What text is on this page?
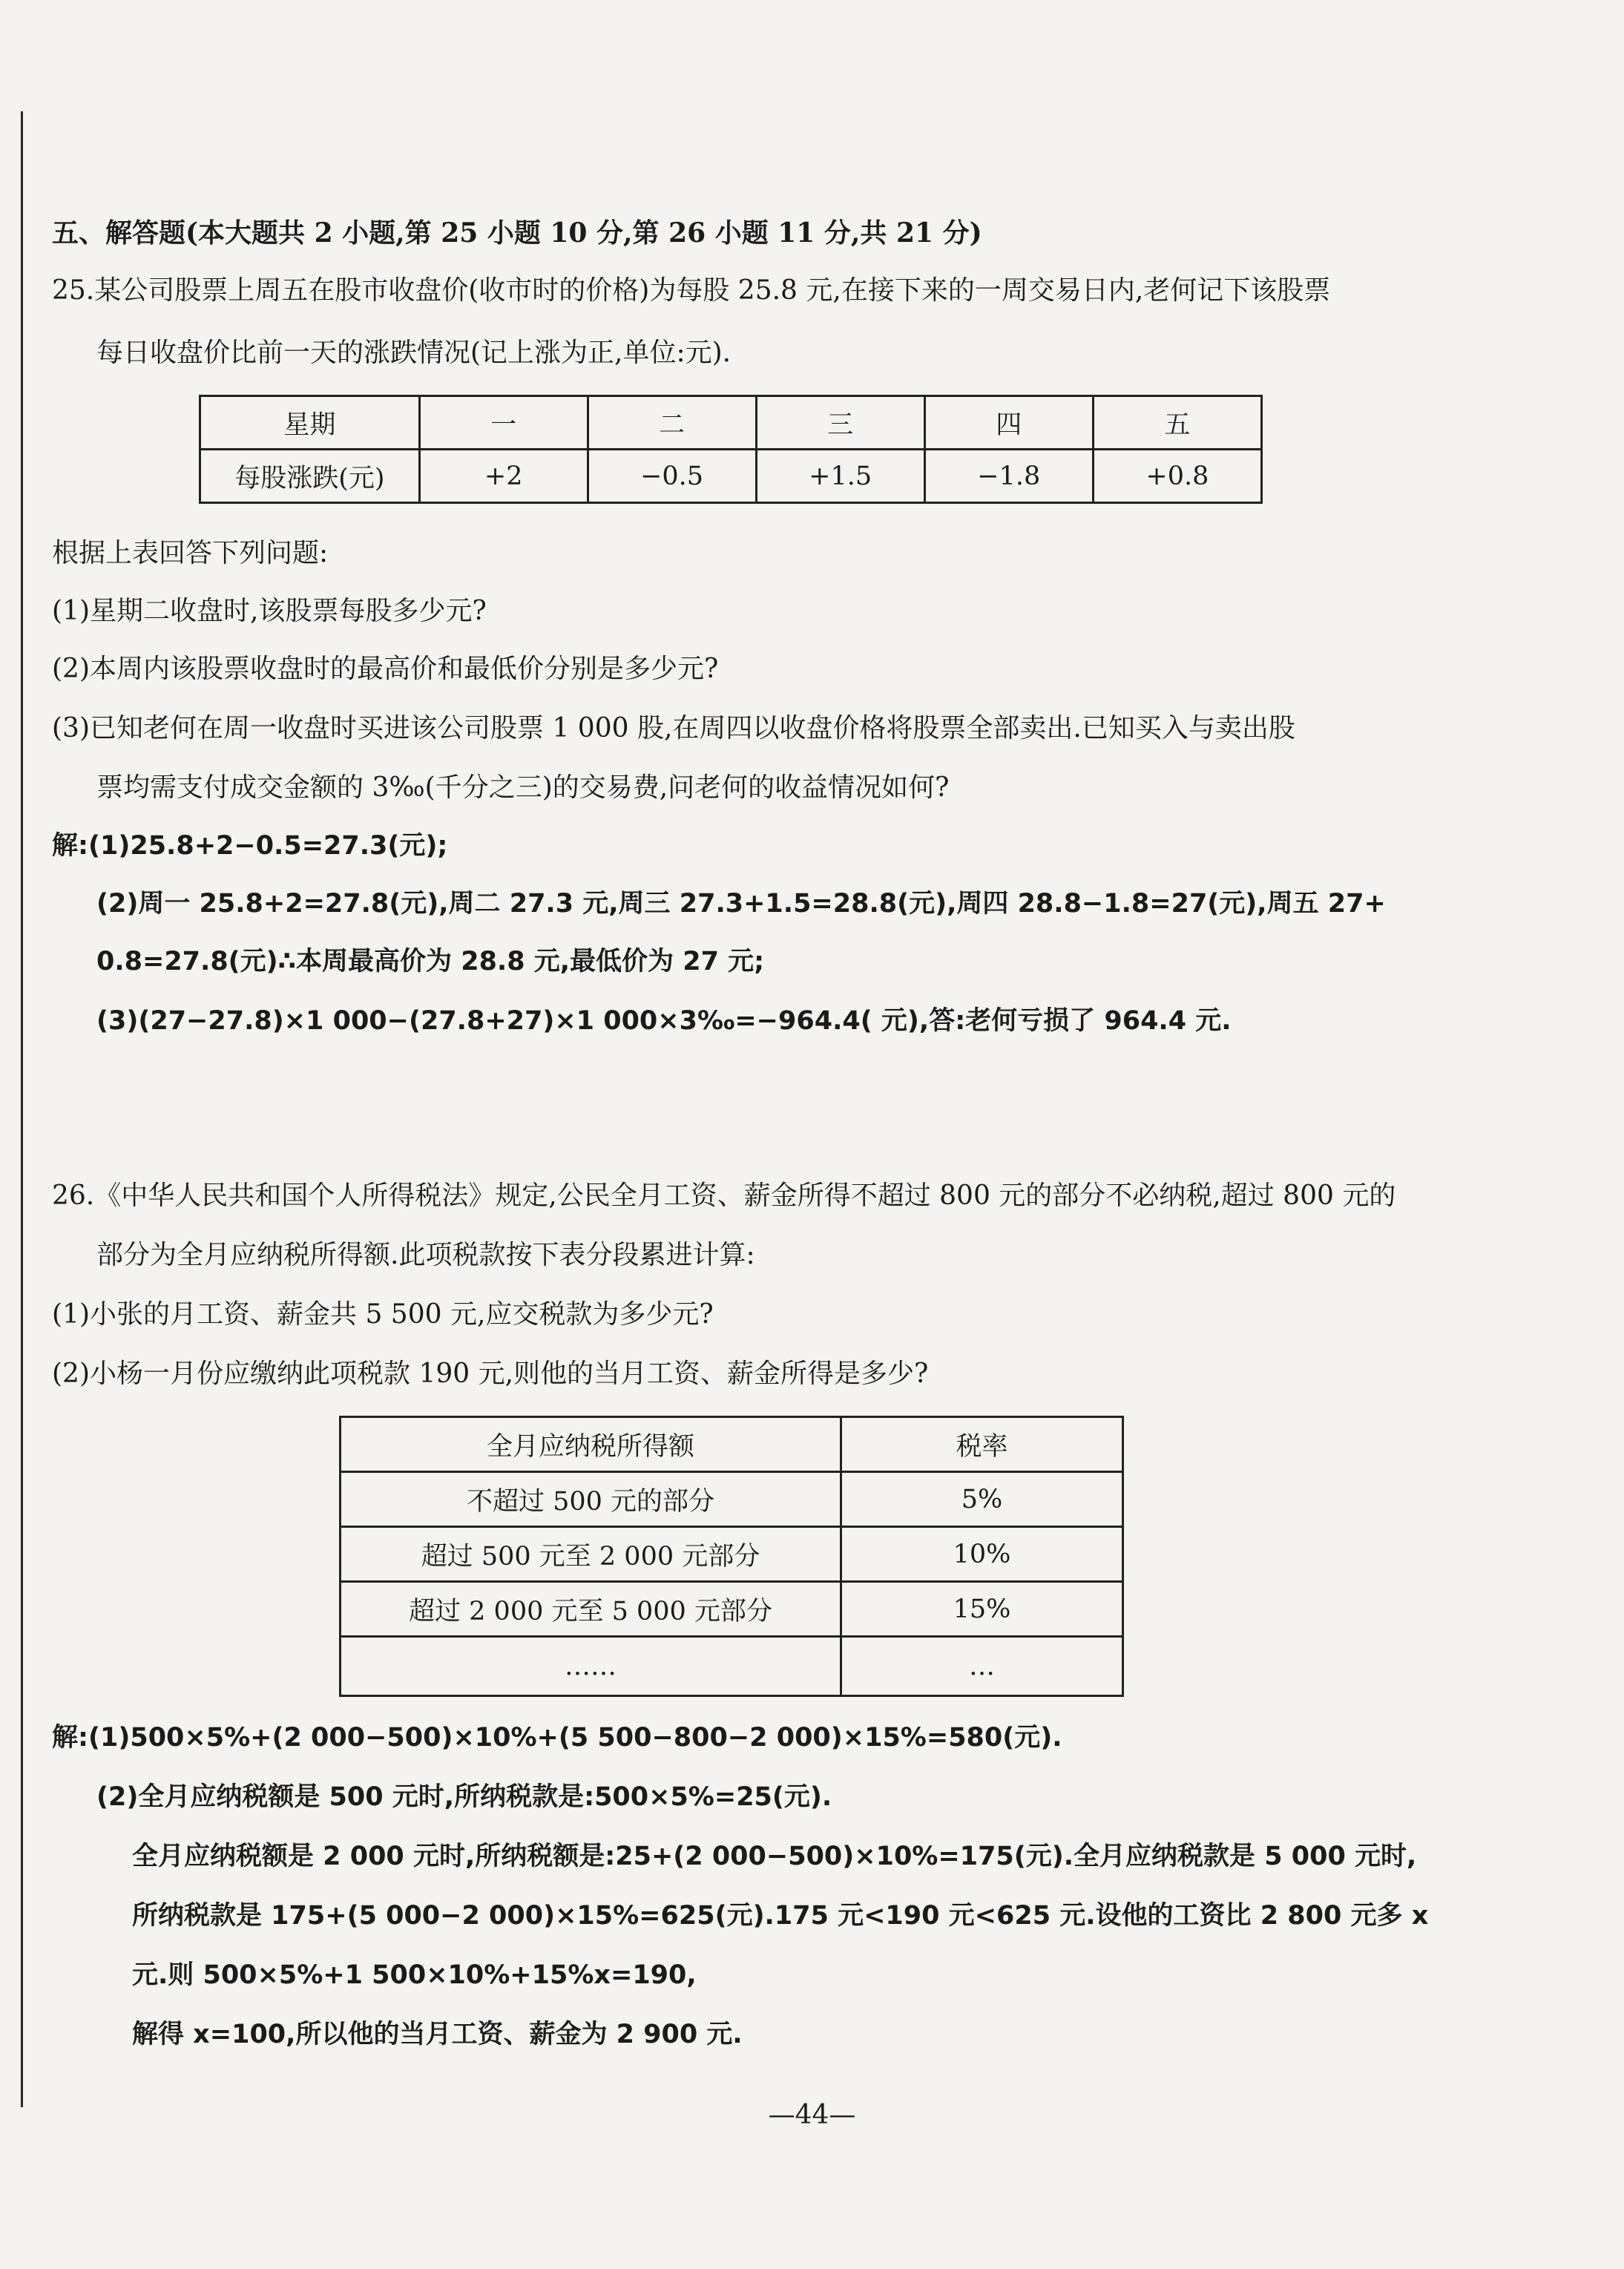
五、解答题(本大题共 2 小题,第 25 小题 10 分,第 26 小题 11 分,共 21 分)
25.某公司股票上周五在股市收盘价(收市时的价格)为每股 25.8 元,在接下来的一周交易日内,老何记下该股票
每日收盘价比前一天的涨跌情况(记上涨为正,单位:元).
星期	一	二	三	四	五
每股涨跌(元)	+2	−0.5	+1.5	−1.8	+0.8
根据上表回答下列问题:
(1)星期二收盘时,该股票每股多少元?
(2)本周内该股票收盘时的最高价和最低价分别是多少元?
(3)已知老何在周一收盘时买进该公司股票 1 000 股,在周四以收盘价格将股票全部卖出.已知买入与卖出股
票均需支付成交金额的 3‰(千分之三)的交易费,问老何的收益情况如何?
解:(1)25.8+2−0.5=27.3(元);
(2)周一 25.8+2=27.8(元),周二 27.3 元,周三 27.3+1.5=28.8(元),周四 28.8−1.8=27(元),周五 27+
0.8=27.8(元)∴本周最高价为 28.8 元,最低价为 27 元;
(3)(27−27.8)×1 000−(27.8+27)×1 000×3‰=−964.4( 元),答:老何亏损了 964.4 元.
26.《中华人民共和国个人所得税法》规定,公民全月工资、薪金所得不超过 800 元的部分不必纳税,超过 800 元的
部分为全月应纳税所得额.此项税款按下表分段累进计算:
(1)小张的月工资、薪金共 5 500 元,应交税款为多少元?
(2)小杨一月份应缴纳此项税款 190 元,则他的当月工资、薪金所得是多少?
全月应纳税所得额	税率
不超过 500 元的部分	5%
超过 500 元至 2 000 元部分	10%
超过 2 000 元至 5 000 元部分	15%
……	…
解:(1)500×5%+(2 000−500)×10%+(5 500−800−2 000)×15%=580(元).
(2)全月应纳税额是 500 元时,所纳税款是:500×5%=25(元).
全月应纳税额是 2 000 元时,所纳税额是:25+(2 000−500)×10%=175(元).全月应纳税款是 5 000 元时,
所纳税款是 175+(5 000−2 000)×15%=625(元).175 元<190 元<625 元.设他的工资比 2 800 元多 x
元.则 500×5%+1 500×10%+15%x=190,
解得 x=100,所以他的当月工资、薪金为 2 900 元.
—44—
